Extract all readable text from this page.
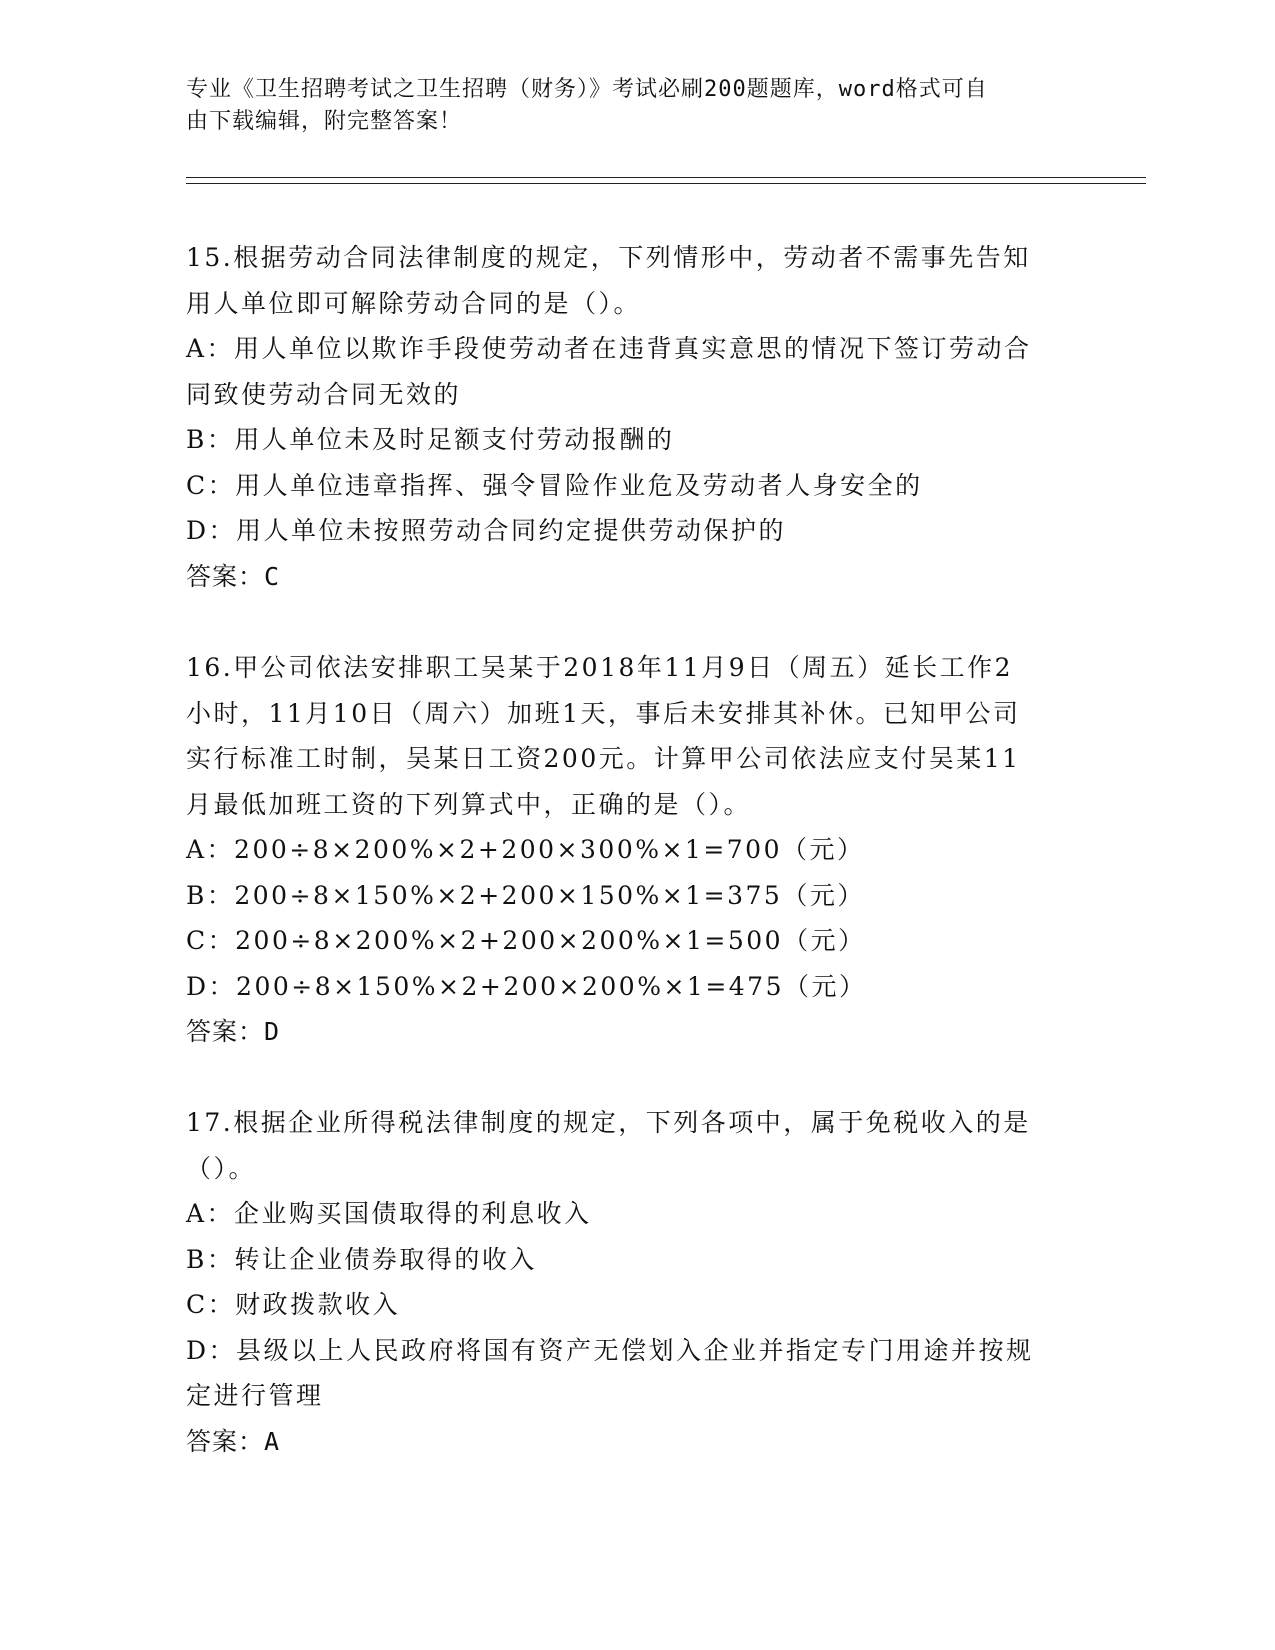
专业《卫生招聘考试之卫生招聘（财务）》考试必刷200题题库，word格式可自
由下载编辑，附完整答案！
15.根据劳动合同法律制度的规定，下列情形中，劳动者不需事先告知
用人单位即可解除劳动合同的是（）。
A：用人单位以欺诈手段使劳动者在违背真实意思的情况下签订劳动合
同致使劳动合同无效的
B：用人单位未及时足额支付劳动报酬的
C：用人单位违章指挥、强令冒险作业危及劳动者人身安全的
D：用人单位未按照劳动合同约定提供劳动保护的
答案：C
16.甲公司依法安排职工吴某于2018年11月9日（周五）延长工作2
小时，11月10日（周六）加班1天，事后未安排其补休。已知甲公司
实行标准工时制，吴某日工资200元。计算甲公司依法应支付吴某11
月最低加班工资的下列算式中，正确的是（）。
A：200÷8×200%×2+200×300%×1=700（元）
B：200÷8×150%×2+200×150%×1=375（元）
C：200÷8×200%×2+200×200%×1=500（元）
D：200÷8×150%×2+200×200%×1=475（元）
答案：D
17.根据企业所得税法律制度的规定，下列各项中，属于免税收入的是
（）。
A：企业购买国债取得的利息收入
B：转让企业债券取得的收入
C：财政拨款收入
D：县级以上人民政府将国有资产无偿划入企业并指定专门用途并按规
定进行管理
答案：A
